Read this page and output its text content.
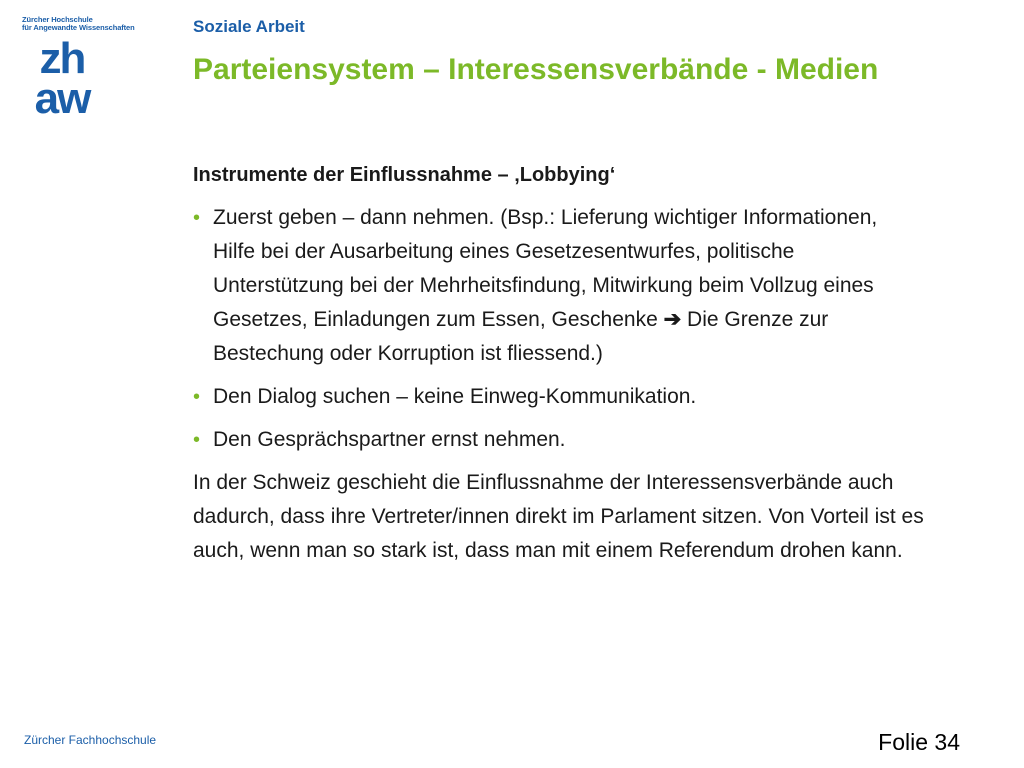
Zürcher Hochschule
für Angewandte Wissenschaften
zh
aw
Soziale Arbeit
Parteiensystem – Interessensverbände - Medien
Instrumente der Einflussnahme – ‚Lobbying‘
• Zuerst geben – dann nehmen. (Bsp.: Lieferung wichtiger Informationen, Hilfe bei der Ausarbeitung eines Gesetzesentwurfes, politische Unterstützung bei der Mehrheitsfindung, Mitwirkung beim Vollzug eines Gesetzes, Einladungen zum Essen, Geschenke ➔ Die Grenze zur Bestechung oder Korruption ist fliessend.)
• Den Dialog suchen – keine Einweg-Kommunikation.
• Den Gesprächspartner ernst nehmen.
In der Schweiz geschieht die Einflussnahme der Interessensverbände auch dadurch, dass ihre Vertreter/innen direkt im Parlament sitzen. Von Vorteil ist es auch, wenn man so stark ist, dass man mit einem Referendum drohen kann.
Zürcher Fachhochschule	Folie 34
